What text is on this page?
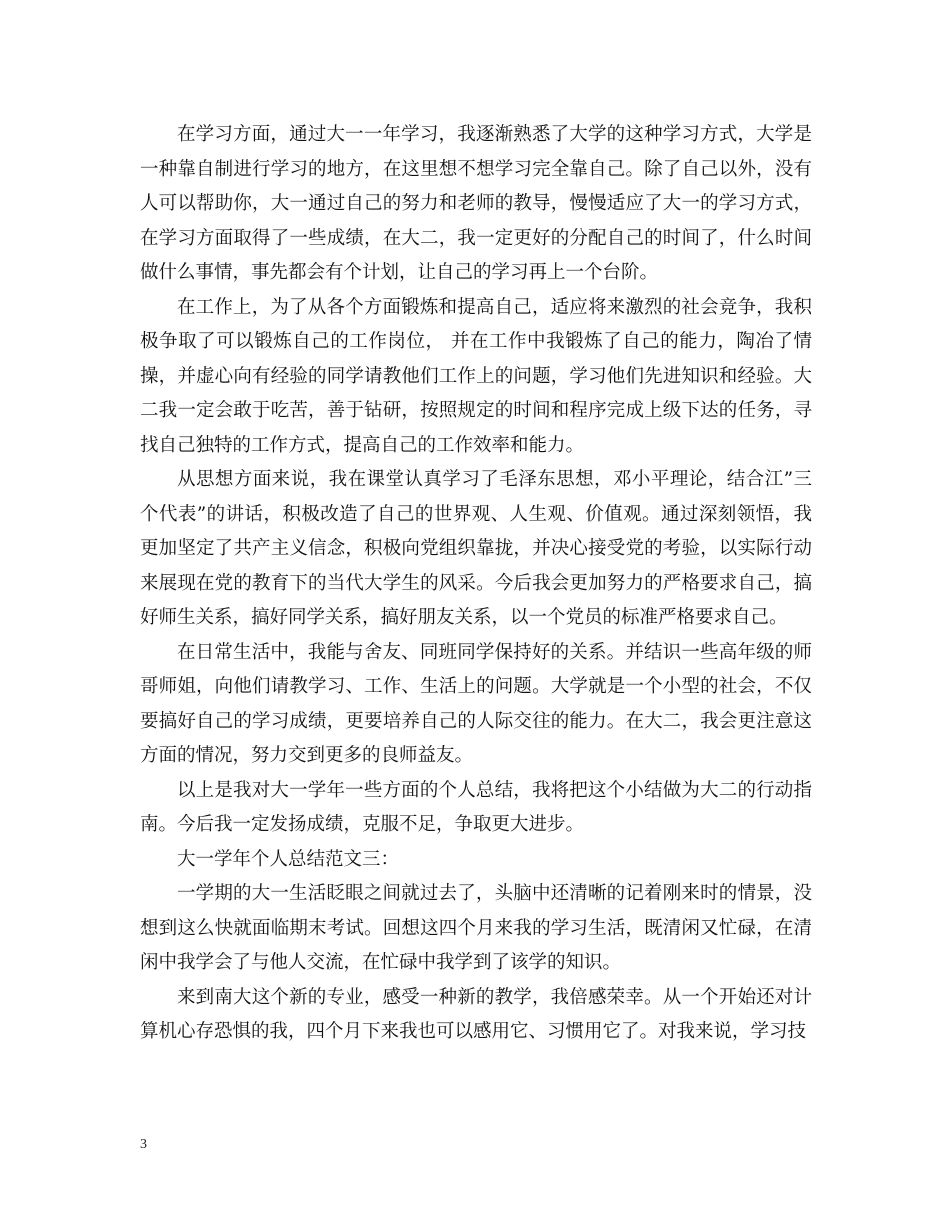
在学习方面，通过大一一年学习，我逐渐熟悉了大学的这种学习方式，大学是一种靠自制进行学习的地方，在这里想不想学习完全靠自己。除了自己以外，没有人可以帮助你，大一通过自己的努力和老师的教导，慢慢适应了大一的学习方式，在学习方面取得了一些成绩，在大二，我一定更好的分配自己的时间了，什么时间做什么事情，事先都会有个计划，让自己的学习再上一个台阶。

在工作上，为了从各个方面锻炼和提高自己，适应将来激烈的社会竞争，我积极争取了可以锻炼自己的工作岗位， 并在工作中我锻炼了自己的能力，陶冶了情操，并虚心向有经验的同学请教他们工作上的问题，学习他们先进知识和经验。大二我一定会敢于吃苦，善于钻研，按照规定的时间和程序完成上级下达的任务，寻找自己独特的工作方式，提高自己的工作效率和能力。

从思想方面来说，我在课堂认真学习了毛泽东思想，邓小平理论，结合江”三个代表”的讲话，积极改造了自己的世界观、人生观、价值观。通过深刻领悟，我更加坚定了共产主义信念，积极向党组织靠拢，并决心接受党的考验，以实际行动来展现在党的教育下的当代大学生的风采。今后我会更加努力的严格要求自己，搞好师生关系，搞好同学关系，搞好朋友关系，以一个党员的标准严格要求自己。

在日常生活中，我能与舍友、同班同学保持好的关系。并结识一些高年级的师哥师姐，向他们请教学习、工作、生活上的问题。大学就是一个小型的社会，不仅要搞好自己的学习成绩，更要培养自己的人际交往的能力。在大二，我会更注意这方面的情况，努力交到更多的良师益友。

以上是我对大一学年一些方面的个人总结，我将把这个小结做为大二的行动指南。今后我一定发扬成绩，克服不足，争取更大进步。

大一学年个人总结范文三：

一学期的大一生活眨眼之间就过去了，头脑中还清晰的记着刚来时的情景，没想到这么快就面临期末考试。回想这四个月来我的学习生活，既清闲又忙碌，在清闲中我学会了与他人交流，在忙碌中我学到了该学的知识。

来到南大这个新的专业，感受一种新的教学，我倍感荣幸。从一个开始还对计算机心存恐惧的我，四个月下来我也可以感用它、习惯用它了。对我来说，学习技

3
